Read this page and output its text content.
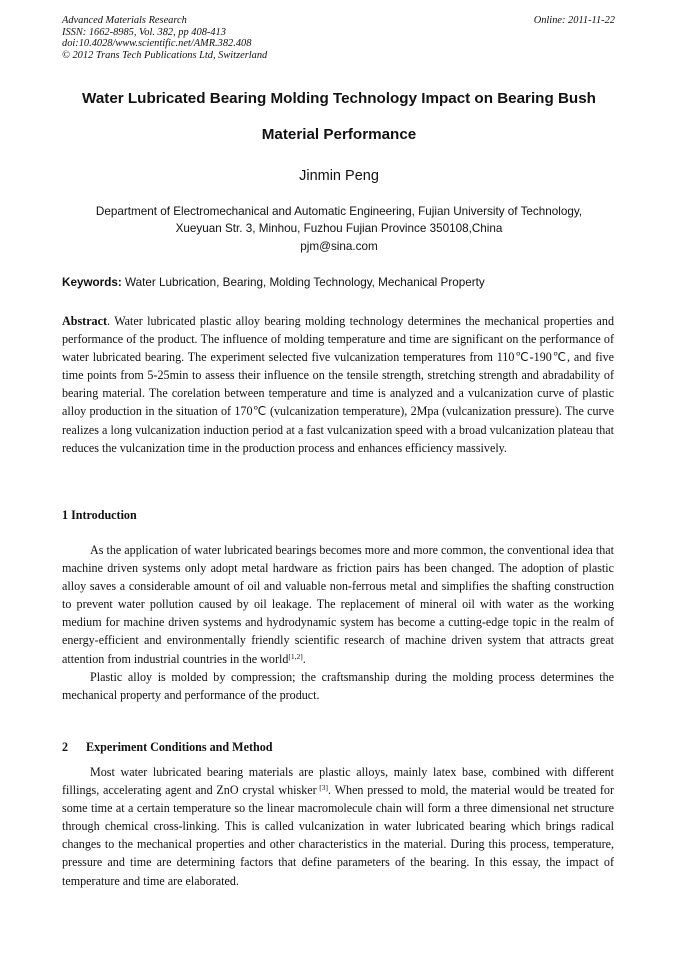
Advanced Materials Research
ISSN: 1662-8985, Vol. 382, pp 408-413
doi:10.4028/www.scientific.net/AMR.382.408
© 2012 Trans Tech Publications Ltd, Switzerland
Online: 2011-11-22
Water Lubricated Bearing Molding Technology Impact on Bearing Bush
Material Performance
Jinmin Peng
Department of Electromechanical and Automatic Engineering, Fujian University of Technology,
Xueyuan Str. 3, Minhou, Fuzhou Fujian Province 350108,China
pjm@sina.com
Keywords: Water Lubrication, Bearing, Molding Technology, Mechanical Property

Abstract. Water lubricated plastic alloy bearing molding technology determines the mechanical properties and performance of the product. The influence of molding temperature and time are significant on the performance of water lubricated bearing. The experiment selected five vulcanization temperatures from 110℃-190℃, and five time points from 5-25min to assess their influence on the tensile strength, stretching strength and abradability of bearing material. The corelation between temperature and time is analyzed and a vulcanization curve of plastic alloy production in the situation of 170℃ (vulcanization temperature), 2Mpa (vulcanization pressure). The curve realizes a long vulcanization induction period at a fast vulcanization speed with a broad vulcanization plateau that reduces the vulcanization time in the production process and enhances efficiency massively.

1 Introduction

As the application of water lubricated bearings becomes more and more common, the conventional idea that machine driven systems only adopt metal hardware as friction pairs has been changed. The adoption of plastic alloy saves a considerable amount of oil and valuable non-ferrous metal and simplifies the shafting construction to prevent water pollution caused by oil leakage. The replacement of mineral oil with water as the working medium for machine driven systems and hydrodynamic system has become a cutting-edge topic in the realm of energy-efficient and environmentally friendly scientific research of machine driven system that attracts great attention from industrial countries in the world[1,2].

Plastic alloy is molded by compression; the craftsmanship during the molding process determines the mechanical property and performance of the product.

2 Experiment Conditions and Method

Most water lubricated bearing materials are plastic alloys, mainly latex base, combined with different fillings, accelerating agent and ZnO crystal whisker [3]. When pressed to mold, the material would be treated for some time at a certain temperature so the linear macromolecule chain will form a three dimensional net structure through chemical cross-linking. This is called vulcanization in water lubricated bearing which brings radical changes to the mechanical properties and other characteristics in the material. During this process, temperature, pressure and time are determining factors that define parameters of the bearing. In this essay, the impact of temperature and time are elaborated.
